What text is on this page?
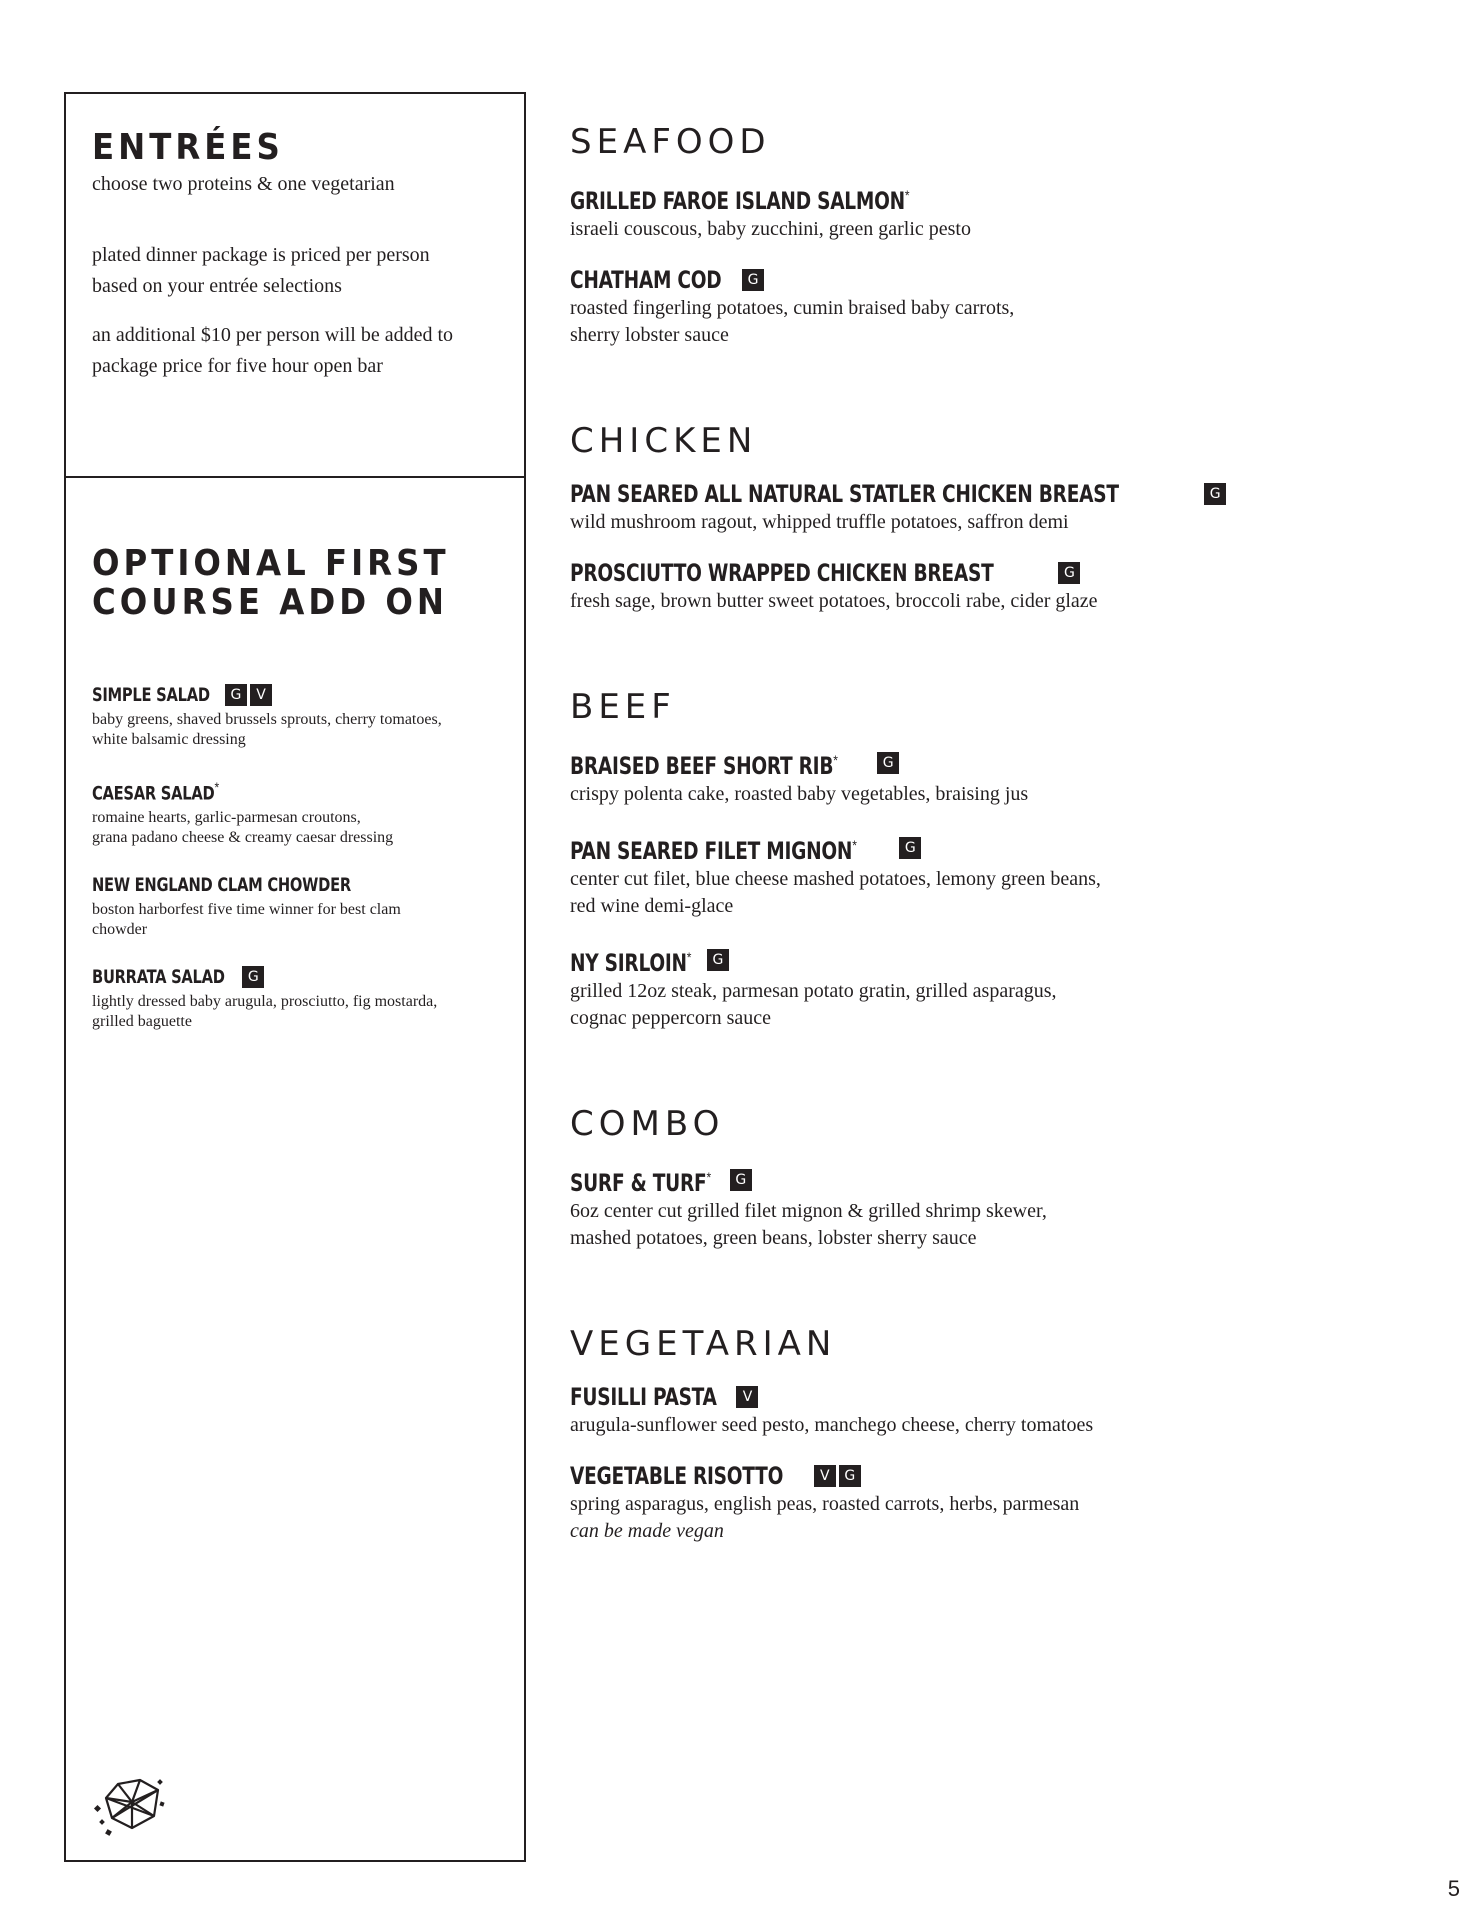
ENTRÉES

choose two proteins & one vegetarian

plated dinner package is priced per person
based on your entrée selections

an additional $10 per person will be added to
package price for five hour open bar

OPTIONAL FIRST
COURSE ADD ON
SIMPLE SALAD	G	V

baby greens, shaved brussels sprouts, cherry tomatoes,
white balsamic dressing

CAESAR SALAD*

romaine hearts, garlic-parmesan croutons,
grana padano cheese & creamy caesar dressing

NEW ENGLAND CLAM CHOWDER

boston harborfest five time winner for best clam
chowder

BURRATA SALAD	G

lightly dressed baby arugula, prosciutto, fig mostarda,
grilled baguette

SEAFOOD
GRILLED FAROE ISLAND SALMON*

israeli couscous, baby zucchini, green garlic pesto

CHATHAM COD	G

roasted fingerling potatoes, cumin braised baby carrots,
sherry lobster sauce

CHICKEN
PAN SEARED ALL NATURAL STATLER CHICKEN BREAST	G

wild mushroom ragout, whipped truffle potatoes, saffron demi

PROSCIUTTO WRAPPED CHICKEN BREAST	G

fresh sage, brown butter sweet potatoes, broccoli rabe, cider glaze

BEEF
BRAISED BEEF SHORT RIB*	G

crispy polenta cake, roasted baby vegetables, braising jus

PAN SEARED FILET MIGNON*	G

center cut filet, blue cheese mashed potatoes, lemony green beans,
red wine demi-glace

NY SIRLOIN*	G

grilled 12oz steak, parmesan potato gratin, grilled asparagus,
cognac peppercorn sauce

COMBO
SURF & TURF*	G

6oz center cut grilled filet mignon & grilled shrimp skewer,
mashed potatoes, green beans, lobster sherry sauce

VEGETARIAN
FUSILLI PASTA	V

arugula-sunflower seed pesto, manchego cheese, cherry tomatoes

VEGETABLE RISOTTO	V	G

spring asparagus, english peas, roasted carrots, herbs, parmesan

can be made vegan

5
